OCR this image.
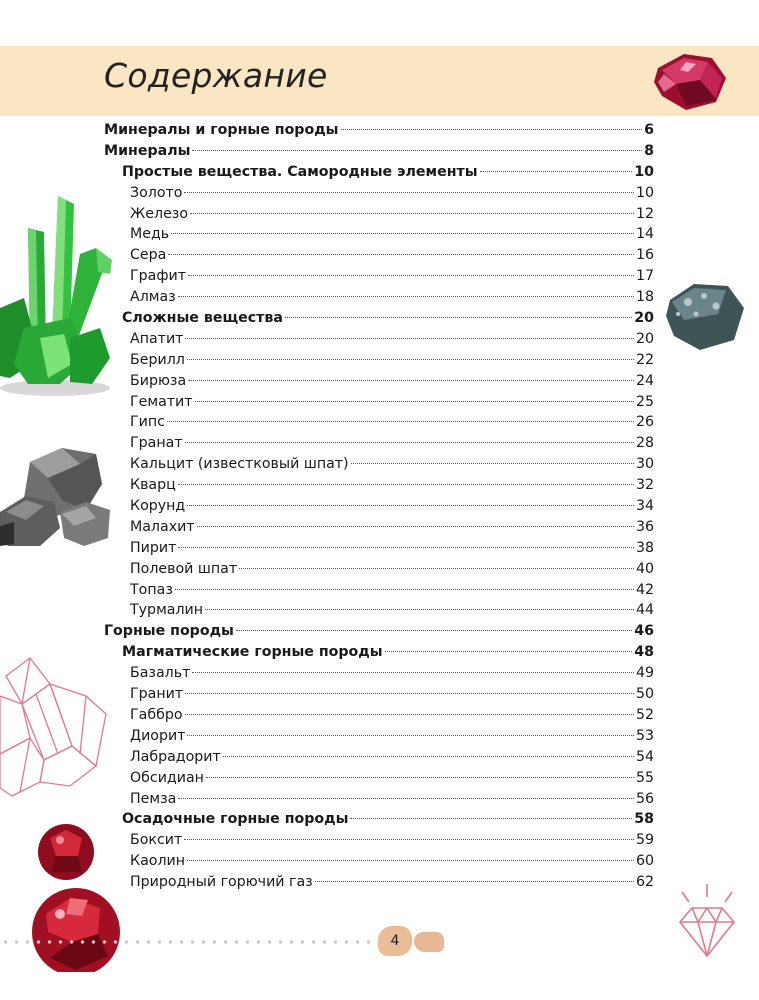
Содержание
Минералы и горные породы	6
Минералы	8
Простые вещества. Самородные элементы	10
Золото	10
Железо	12
Медь	14
Сера	16
Графит	17
Алмаз	18
Сложные вещества	20
Апатит	20
Берилл	22
Бирюза	24
Гематит	25
Гипс	26
Гранат	28
Кальцит (известковый шпат)	30
Кварц	32
Корунд	34
Малахит	36
Пирит	38
Полевой шпат	40
Топаз	42
Турмалин	44
Горные породы	46
Магматические горные породы	48
Базальт	49
Гранит	50
Габбро	52
Диорит	53
Лабрадорит	54
Обсидиан	55
Пемза	56
Осадочные горные породы	58
Боксит	59
Каолин	60
Природный горючий газ	62
4
